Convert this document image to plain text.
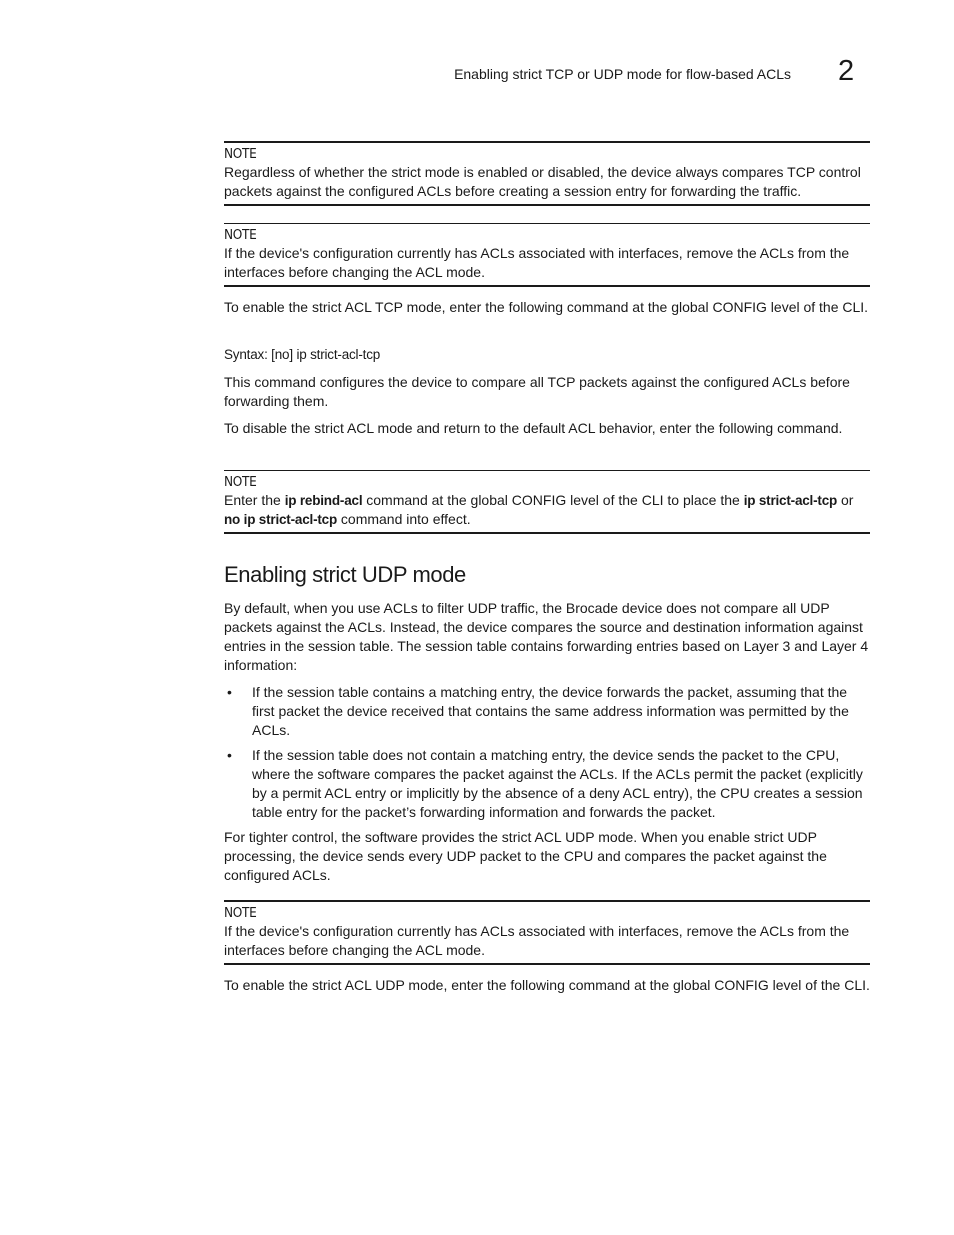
Enabling strict TCP or UDP mode for flow-based ACLs 2
NOTE

Regardless of whether the strict mode is enabled or disabled, the device always compares TCP control packets against the configured ACLs before creating a session entry for forwarding the traffic.

NOTE

If the device's configuration currently has ACLs associated with interfaces, remove the ACLs from the interfaces before changing the ACL mode.

To enable the strict ACL TCP mode, enter the following command at the global CONFIG level of the CLI.

Syntax: [no] ip strict-acl-tcp

This command configures the device to compare all TCP packets against the configured ACLs before forwarding them.

To disable the strict ACL mode and return to the default ACL behavior, enter the following command.

NOTE

Enter the ip rebind-acl command at the global CONFIG level of the CLI to place the ip strict-acl-tcp or no ip strict-acl-tcp command into effect.

Enabling strict UDP mode

By default, when you use ACLs to filter UDP traffic, the Brocade device does not compare all UDP packets against the ACLs. Instead, the device compares the source and destination information against entries in the session table. The session table contains forwarding entries based on Layer 3 and Layer 4 information:

• If the session table contains a matching entry, the device forwards the packet, assuming that the first packet the device received that contains the same address information was permitted by the ACLs.
• If the session table does not contain a matching entry, the device sends the packet to the CPU, where the software compares the packet against the ACLs. If the ACLs permit the packet (explicitly by a permit ACL entry or implicitly by the absence of a deny ACL entry), the CPU creates a session table entry for the packet’s forwarding information and forwards the packet.

For tighter control, the software provides the strict ACL UDP mode. When you enable strict UDP processing, the device sends every UDP packet to the CPU and compares the packet against the configured ACLs.

NOTE

If the device's configuration currently has ACLs associated with interfaces, remove the ACLs from the interfaces before changing the ACL mode.

To enable the strict ACL UDP mode, enter the following command at the global CONFIG level of the CLI.
